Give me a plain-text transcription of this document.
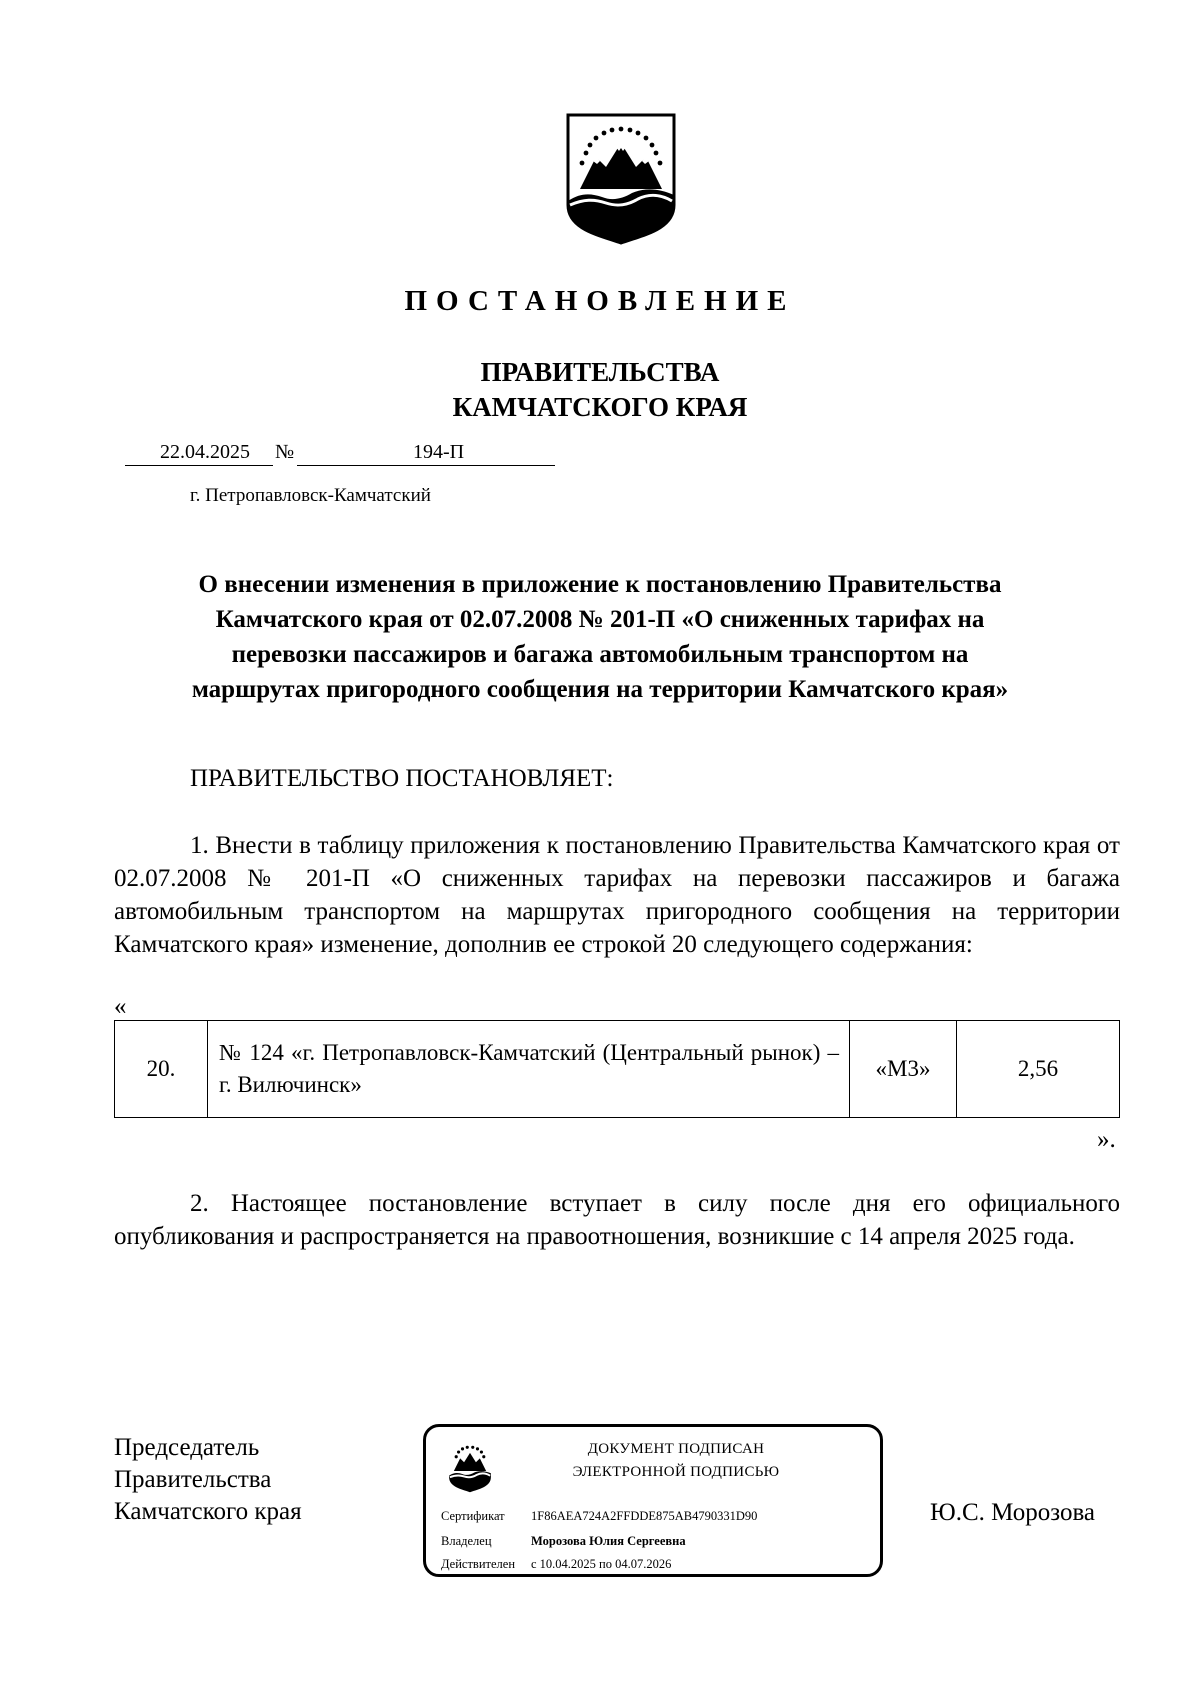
ПОСТАНОВЛЕНИЕ
ПРАВИТЕЛЬСТВА
КАМЧАТСКОГО КРАЯ
22.04.2025 №	194-П
г. Петропавловск-Камчатский
О внесении изменения в приложение к постановлению Правительства
Камчатского края от 02.07.2008 № 201-П «О сниженных тарифах на
перевозки пассажиров и багажа автомобильным транспортом на
маршрутах пригородного сообщения на территории Камчатского края»
ПРАВИТЕЛЬСТВО ПОСТАНОВЛЯЕТ:
1. Внести в таблицу приложения к постановлению Правительства Камчатского края от 02.07.2008 № 201-П «О сниженных тарифах на перевозки пассажиров и багажа автомобильным транспортом на маршрутах пригородного сообщения на территории Камчатского края» изменение, дополнив ее строкой 20 следующего содержания:
«
20.	№ 124 «г. Петропавловск-Камчатский (Центральный рынок) – г. Вилючинск»	«М3»	2,56
».
2. Настоящее постановление вступает в силу после дня его официального опубликования и распространяется на правоотношения, возникшие с 14 апреля 2025 года.
Председатель
Правительства
Камчатского края
ДОКУМЕНТ ПОДПИСАН
ЭЛЕКТРОННОЙ ПОДПИСЬЮ
Сертификат 1F86AEA724A2FFDDE875AB4790331D90
Владелец	Морозова Юлия Сергеевна
Действителен с 10.04.2025 по 04.07.2026
Ю.С. Морозова
